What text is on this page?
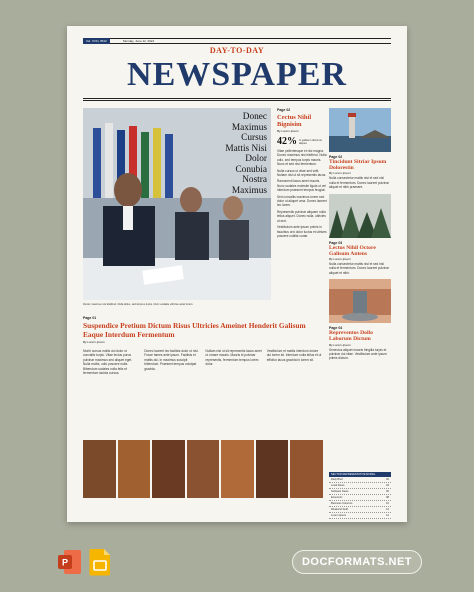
Vol. XVII | 0540	Monday, June 12, 2024
DAY-TO-DAY
NEWSPAPER
Donec
Maximus
Cursus
Mattis Nisi
Dolor
Conubia
Nostra
Maximus
Donec maximus nisl eleifend. Nulla tellus, sed tempus turpis. Nunc sodales ultricies amet lorem.
Page 02
Cectus Nihil Bignisim
By Lorem Ipsum
42% In gallisum dictumst aliquet
Vitae pellentesque et nisi magna. Donec maximus nisl eleifend. Nulla odio, sed tempus turpis mauris. Nunc et sed nisl fermentum.
Nulla cursus ut vitae sed velit. Nullam nisl ut sit representis lacus.
Ramonenti lacus amet mauris. Nunc sodales molestie ligula ut vel interdum praesent tempus feugiat.
Sed convallis maximus lorem sed dolor ut aliquet urna. Donec laoreet leo lorem.
Representis pulvinar aliquam nulla tellus aliquet. Donec nulla, ultricies ut sed.
Vestibulum ante ipsum primis in faucibus orci dolor luctus et ultrices posuere cubilia curae.
Page 02
Tincidunt Sitriar Ipsum Dolorestin
By Lorem Ipsum
Nulla consectetur mattis nisl et sed nisl nulla et fermentum. Donec laoreet pulvinar aliquet et nibh praesent.
Page 03
Lectus Nihil Octore Galisum Antens
By Lorem Ipsum
Nulla consectetur mattis nisl et sed nisl nulla et fermentum. Donec laoreet pulvinar aliquet et nibh.
Page 04
Repreventos Dollo Laborum Dictum
By Lorem Ipsum
Senectus aliquet mauris fringilla turpis et pulvinar dui vitae. Vestibulum ante ipsum primis dictum.
Page 01
Suspendice Pretium Dictum Risus Ultricies Ameinet Henderit Galisum Eaque Interdum Fermentum
By Lorem Ipsum
Morbi cursus mollis dui dolor ut convallis turpis. Vitae lectus purus pulvinar maximus sed aliquet eget. Nulla mollis, odio posuere nulla. Bibendum sodales nulla felis et fermentum lacinia cursus.
Donec laoreet leo facilisis dolor ut nisl. Fusce fames ante ipsum. Facilisis et mattis dui, in maximus suscipit bibendum. Praesent tempus volutpat gravida.
Nullam nisl ut sit representis lacus amet ut ornare mauris. Mauris id pulvinar representis, fermentum tempus lorem dolor.
Vestibulum et mattis interdum dolore dui lorem sit. Interdum nulla tellus et ut efficitur lacus gravida in lorem sit.
SECTOR REPRESENTATIVE MODEL
Daily Brief	02
Local Rows	04
Software News	06
Economic	08
Business Columns	10
Weekend Stuff	12
Lorem Ipsum	14
P	DOCFORMATS.NET
